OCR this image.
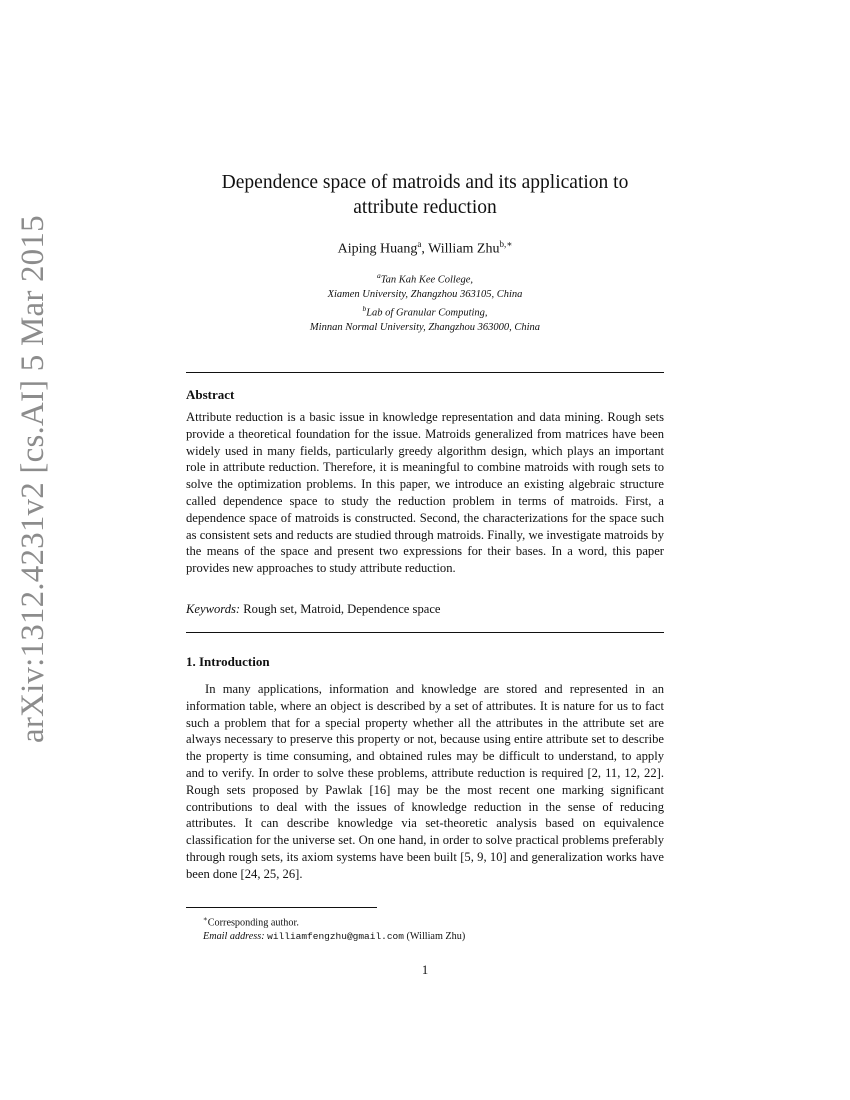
arXiv:1312.4231v2 [cs.AI] 5 Mar 2015
Dependence space of matroids and its application to
attribute reduction
Aiping Huang$^a$, William Zhu$^{b,∗}$
$^a$Tan Kah Kee College,
Xiamen University, Zhangzhou 363105, China
$^b$Lab of Granular Computing,
Minnan Normal University, Zhangzhou 363000, China
Abstract
Attribute reduction is a basic issue in knowledge representation and data mining. Rough sets provide a theoretical foundation for the issue. Matroids generalized from matrices have been widely used in many fields, particularly greedy algorithm design, which plays an important role in attribute reduction. Therefore, it is meaningful to combine matroids with rough sets to solve the optimization problems. In this paper, we introduce an existing algebraic structure called dependence space to study the reduction problem in terms of matroids. First, a dependence space of matroids is constructed. Second, the characterizations for the space such as consistent sets and reducts are studied through matroids. Finally, we investigate matroids by the means of the space and present two expressions for their bases. In a word, this paper provides new approaches to study attribute reduction.
Keywords: Rough set, Matroid, Dependence space
1. Introduction
In many applications, information and knowledge are stored and represented in an information table, where an object is described by a set of attributes. It is nature for us to fact such a problem that for a special property whether all the attributes in the attribute set are always necessary to preserve this property or not, because using entire attribute set to describe the property is time consuming, and obtained rules may be difficult to understand, to apply and to verify. In order to solve these problems, attribute reduction is required [2, 11, 12, 22]. Rough sets proposed by Pawlak [16] may be the most recent one marking significant contributions to deal with the issues of knowledge reduction in the sense of reducing attributes. It can describe knowledge via set-theoretic analysis based on equivalence classification for the universe set. On one hand, in order to solve practical problems preferably through rough sets, its axiom systems have been built [5, 9, 10] and generalization works have been done [24, 25, 26].
∗Corresponding author.
Email address: williamfengzhu@gmail.com (William Zhu)
1
